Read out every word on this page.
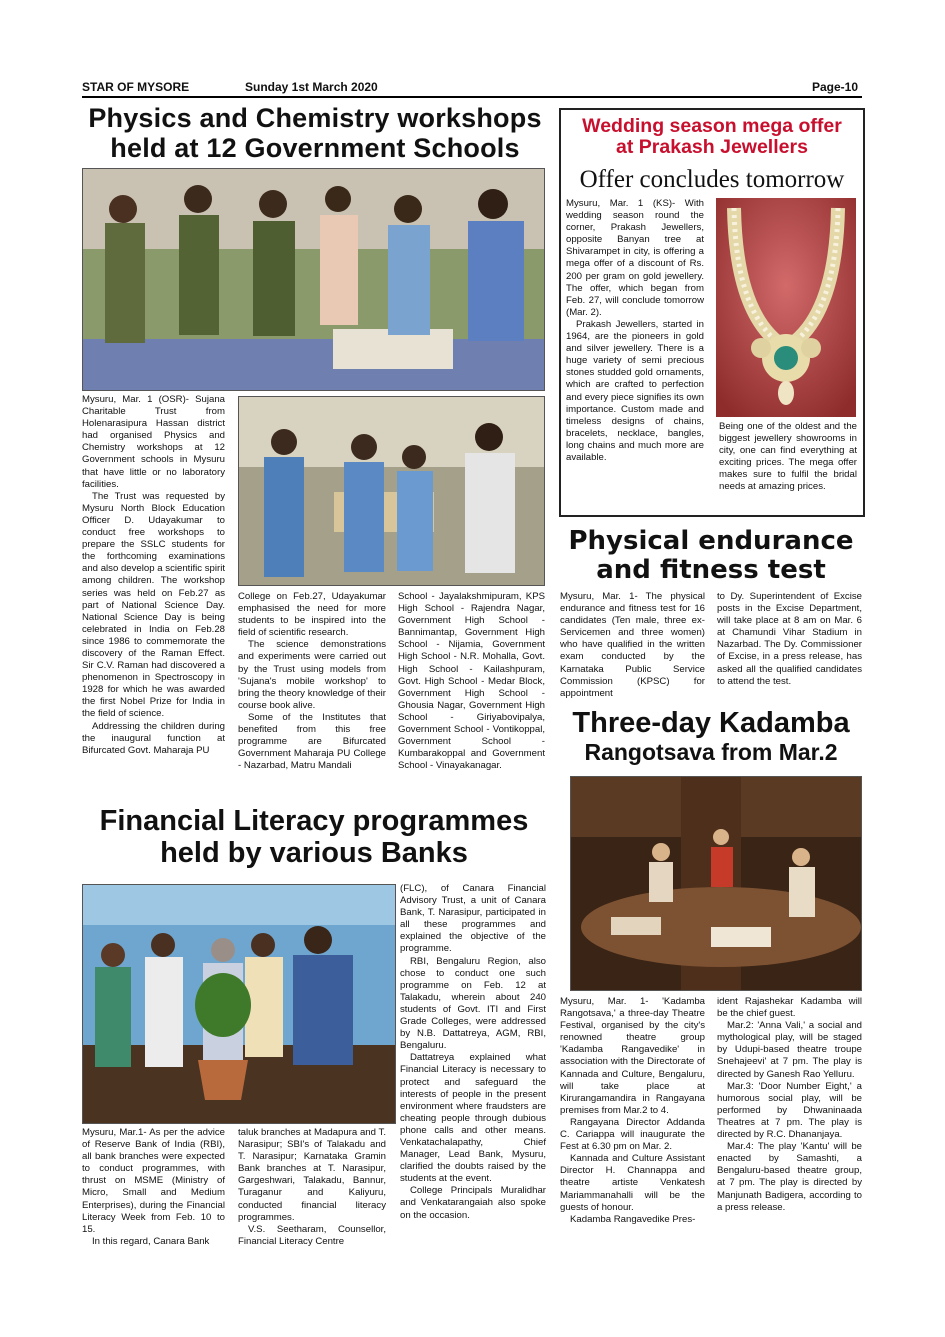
STAR OF MYSORE	Sunday 1st March 2020	Page-10
Physics and Chemistry workshops
held at 12 Government Schools

Mysuru, Mar. 1 (OSR)- Sujana Charitable Trust from Holenarasipura Hassan district had organised Physics and Chemistry workshops at 12 Government schools in Mysuru that have little or no laboratory facilities.

The Trust was requested by Mysuru North Block Education Officer D. Udayakumar to conduct free workshops to prepare the SSLC students for the forthcoming examinations and also develop a scientific spirit among children. The workshop series was held on Feb.27 as part of National Science Day. National Science Day is being celebrated in India on Feb.28 since 1986 to commemorate the discovery of the Raman Effect. Sir C.V. Raman had discovered a phenomenon in Spectroscopy in 1928 for which he was awarded the first Nobel Prize for India in the field of science.

Addressing the children during the inaugural function at Bifurcated Govt. Maharaja PU

College on Feb.27, Udayakumar emphasised the need for more students to be inspired into the field of scientific research.

The science demonstrations and experiments were carried out by the Trust using models from 'Sujana's mobile workshop' to bring the theory knowledge of their course book alive.

Some of the Institutes that benefited from this free programme are Bifurcated Government Maharaja PU College - Nazarbad, Matru Mandali

School - Jayalakshmipuram, KPS High School - Rajendra Nagar, Government High School - Bannimantap, Government High School - Nijamia, Government High School - N.R. Mohalla, Govt. High School - Kailashpuram, Govt. High School - Medar Block, Government High School - Ghousia Nagar, Government High School - Giriyabovipalya, Government School - Vontikoppal, Government School - Kumbarakoppal and Government School - Vinayakanagar.

Wedding season mega offer
at Prakash Jewellers
Offer concludes tomorrow

Mysuru, Mar. 1 (KS)- With wedding season round the corner, Prakash Jewellers, opposite Banyan tree at Shivarampet in city, is offering a mega offer of a discount of Rs. 200 per gram on gold jewellery. The offer, which began from Feb. 27, will conclude tomorrow (Mar. 2).

Prakash Jewellers, started in 1964, are the pioneers in gold and silver jewellery. There is a huge variety of semi precious stones studded gold ornaments, which are crafted to perfection and every piece signifies its own importance. Custom made and timeless designs of chains, bracelets, necklace, bangles, long chains and much more are available.

Being one of the oldest and the biggest jewellery showrooms in city, one can find everything at exciting prices. The mega offer makes sure to fulfil the bridal needs at amazing prices.

Physical endurance
and fitness test

Mysuru, Mar. 1- The physical endurance and fitness test for 16 candidates (Ten male, three ex-Servicemen and three women) who have qualified in the written exam conducted by the Karnataka Public Service Commission (KPSC) for appointment

to Dy. Superintendent of Excise posts in the Excise Department, will take place at 8 am on Mar. 6 at Chamundi Vihar Stadium in Nazarbad. The Dy. Commissioner of Excise, in a press release, has asked all the qualified candidates to attend the test.

Three-day Kadamba
Rangotsava from Mar.2

Mysuru, Mar. 1- 'Kadamba Rangotsava,' a three-day Theatre Festival, organised by the city's renowned theatre group 'Kadamba Rangavedike' in association with the Directorate of Kannada and Culture, Bengaluru, will take place at Kirurangamandira in Rangayana premises from Mar.2 to 4.

Rangayana Director Addanda C. Cariappa will inaugurate the Fest at 6.30 pm on Mar. 2.

Kannada and Culture Assistant Director H. Channappa and theatre artiste Venkatesh Mariammanahalli will be the guests of honour.

Kadamba Rangavedike Pres-

ident Rajashekar Kadamba will be the chief guest.

Mar.2: 'Anna Vali,' a social and mythological play, will be staged by Udupi-based theatre troupe Snehajeevi' at 7 pm. The play is directed by Ganesh Rao Yelluru.

Mar.3: 'Door Number Eight,' a humorous social play, will be performed by Dhwaninaada Theatres at 7 pm. The play is directed by R.C. Dhananjaya.

Mar.4: The play 'Kantu' will be enacted by Samashti, a Bengaluru-based theatre group, at 7 pm. The play is directed by Manjunath Badigera, according to a press release.

Financial Literacy programmes
held by various Banks

Mysuru, Mar.1- As per the advice of Reserve Bank of India (RBI), all bank branches were expected to conduct programmes, with thrust on MSME (Ministry of Micro, Small and Medium Enterprises), during the Financial Literacy Week from Feb. 10 to 15.

In this regard, Canara Bank

taluk branches at Madapura and T. Narasipur; SBI's of Talakadu and T. Narasipur; Karnataka Gramin Bank branches at T. Narasipur, Gargeshwari, Talakadu, Bannur, Turaganur and Kaliyuru, conducted financial literacy programmes.

V.S. Seetharam, Counsellor, Financial Literacy Centre

(FLC), of Canara Financial Advisory Trust, a unit of Canara Bank, T. Narasipur, participated in all these programmes and explained the objective of the programme.

RBI, Bengaluru Region, also chose to conduct one such programme on Feb. 12 at Talakadu, wherein about 240 students of Govt. ITI and First Grade Colleges, were addressed by N.B. Dattatreya, AGM, RBI, Bengaluru.

Dattatreya explained what Financial Literacy is necessary to protect and safeguard the interests of people in the present environment where fraudsters are cheating people through dubious phone calls and other means. Venkatachalapathy, Chief Manager, Lead Bank, Mysuru, clarified the doubts raised by the students at the event.

College Principals Muralidhar and Venkatarangaiah also spoke on the occasion.
